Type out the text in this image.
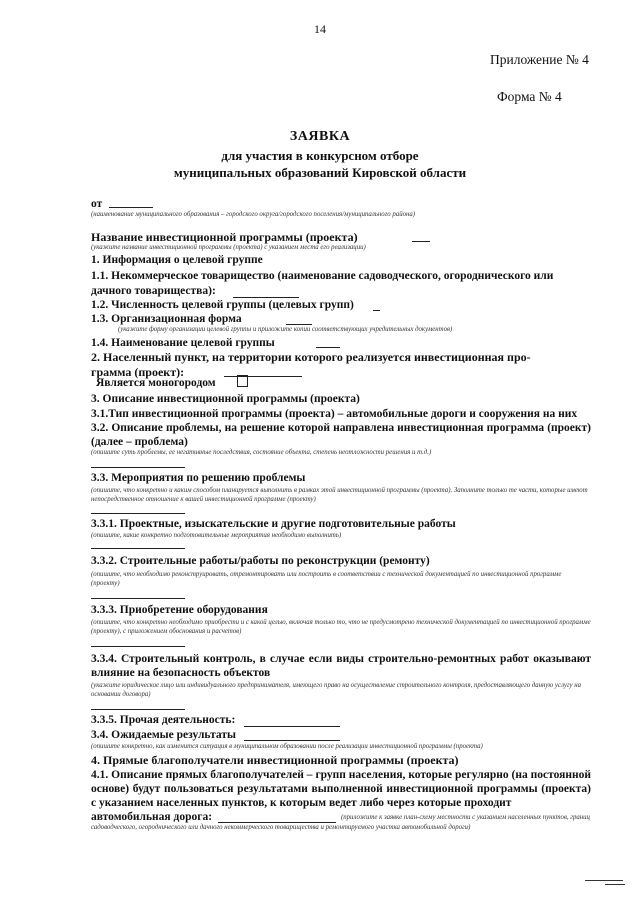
14
Приложение № 4
Форма № 4
ЗАЯВКА
для участия в конкурсном отборе
муниципальных образований Кировской области
от
(наименование муниципального образования – городского округа/городского поселения/муниципального района)
Название инвестиционной программы (проекта)
(укажите название инвестиционной программы (проекта) с указанием места его реализации)
1. Информация о целевой группе
1.1. Некоммерческое товарищество (наименование садоводческого, огороднического или
дачного товарищества):
1.2. Численность целевой группы (целевых групп)
1.3. Организационная форма
(укажите форму организации целевой группы и приложите копии соответствующих учредительных документов)
1.4. Наименование целевой группы
2. Населенный пункт, на территории которого реализуется инвестиционная про-
грамма (проект):
Является моногородом
3. Описание инвестиционной программы (проекта)
3.1.Тип инвестиционной программы (проекта) – автомобильные дороги и сооружения на них
3.2. Описание проблемы, на решение которой направлена инвестиционная программа (проект) (далее – проблема)
(опишите суть проблемы, ее негативные последствия, состояние объекта, степень неотложности решения и т.д.)
3.3. Мероприятия по решению проблемы
(опишите, что конкретно и каким способом планируется выполнить в рамках этой инвестиционной программы (проекта). Заполните только те части, которые имеют непосредственное отношение к вашей инвестиционной программе (проекту)
3.3.1. Проектные, изыскательские и другие подготовительные работы
(опишите, какие конкретно подготовительные мероприятия необходимо выполнить)
3.3.2. Строительные работы/работы по реконструкции (ремонту)
(опишите, что необходимо реконструировать, отремонтировать или построить в соответствии с технической документацией по инвестиционной программе (проекту)
3.3.3. Приобретение оборудования
(опишите, что конкретно необходимо приобрести и с какой целью, включая только то, что не предусмотрено технической документацией по инвестиционной программе (проекту), с приложением обоснования и расчетов)
3.3.4. Строительный контроль, в случае если виды строительно-ремонтных работ оказывают влияние на безопасность объектов
(укажите юридическое лицо или индивидуального предпринимателя, имеющего право на осуществление строительного контроля, предоставляющего данную услугу на основании договора)
3.3.5. Прочая деятельность:
3.4. Ожидаемые результаты
(опишите конкретно, как изменится ситуация в муниципальном образовании после реализации инвестиционной программы (проекта)
4. Прямые благополучатели инвестиционной программы (проекта)
4.1. Описание прямых благополучателей – групп населения, которые регулярно (на постоянной основе) будут пользоваться результатами выполненной инвестиционной программы (проекта) с указанием населенных пунктов, к которым ведет либо через которые проходит
автомобильная дорога:	(приложите к заявке план-схему местности с указанием населенных пунктов, границ садоводческого, огороднического или дачного некоммерческого товарищества и ремонтируемого участка автомобильной дороги)
